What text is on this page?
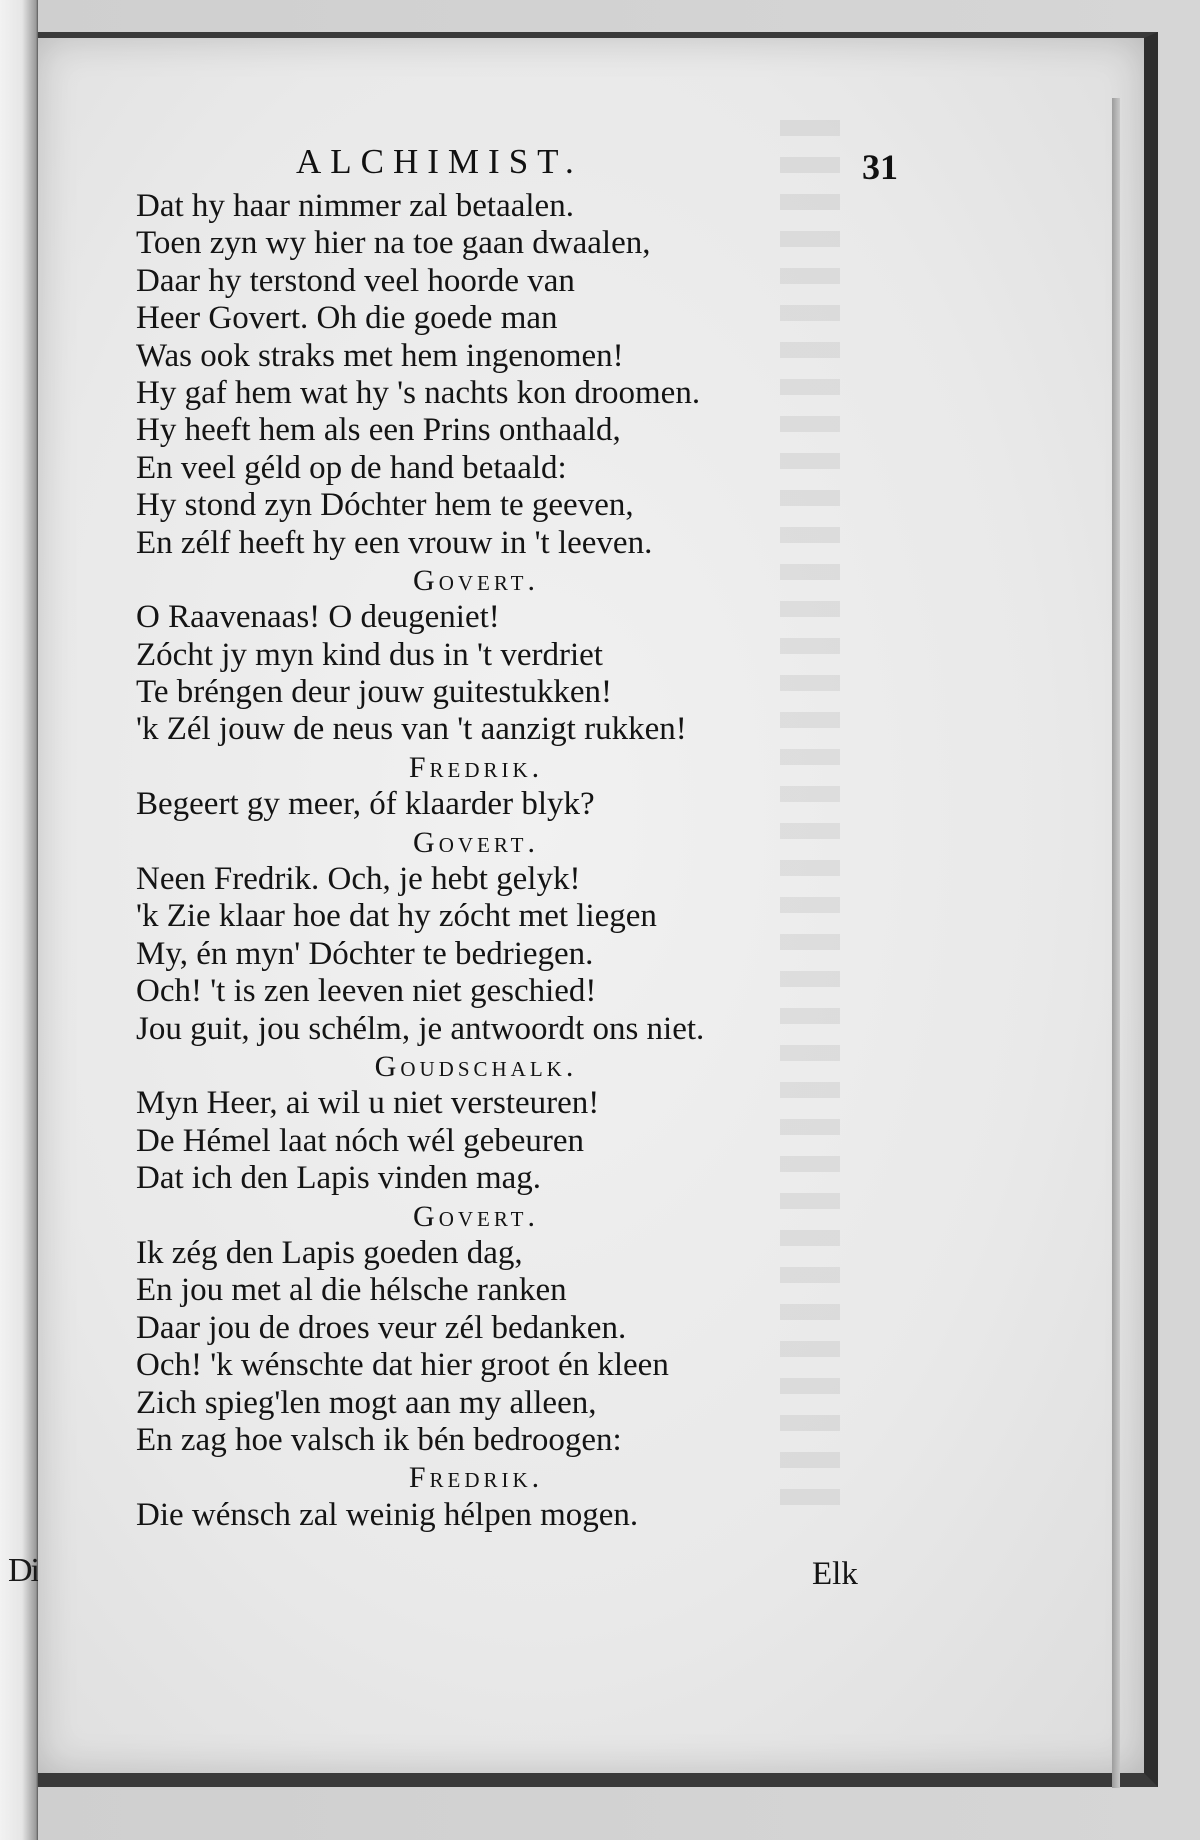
Di
ALCHIMIST.	31
Dat hy haar nimmer zal betaalen.
Toen zyn wy hier na toe gaan dwaalen,
Daar hy terstond veel hoorde van
Heer Govert. Oh die goede man
Was ook straks met hem ingenomen!
Hy gaf hem wat hy 's nachts kon droomen.
Hy heeft hem als een Prins onthaald,
En veel géld op de hand betaald:
Hy stond zyn Dóchter hem te geeven,
En zélf heeft hy een vrouw in 't leeven.
Govert.
O Raavenaas! O deugeniet!
Zócht jy myn kind dus in 't verdriet
Te bréngen deur jouw guitestukken!
'k Zél jouw de neus van 't aanzigt rukken!
Fredrik.
Begeert gy meer, óf klaarder blyk?
Govert.
Neen Fredrik. Och, je hebt gelyk!
'k Zie klaar hoe dat hy zócht met liegen
My, én myn' Dóchter te bedriegen.
Och! 't is zen leeven niet geschied!
Jou guit, jou schélm, je antwoordt ons niet.
Goudschalk.
Myn Heer, ai wil u niet versteuren!
De Hémel laat nóch wél gebeuren
Dat ich den Lapis vinden mag.
Govert.
Ik zég den Lapis goeden dag,
En jou met al die hélsche ranken
Daar jou de droes veur zél bedanken.
Och! 'k wénschte dat hier groot én kleen
Zich spieg'len mogt aan my alleen,
En zag hoe valsch ik bén bedroogen:
Fredrik.
Die wénsch zal weinig hélpen mogen.
Elk
